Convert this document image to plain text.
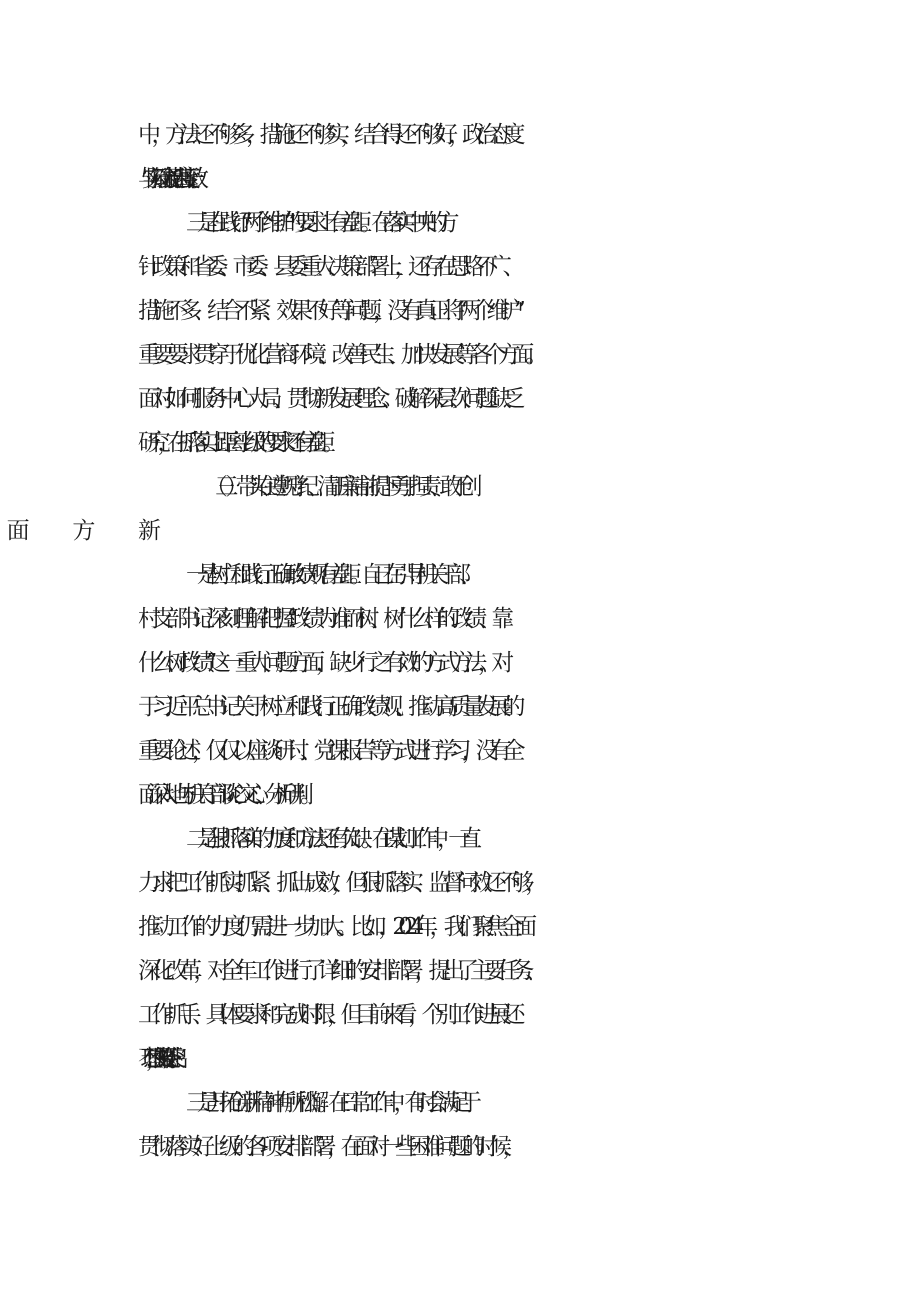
中，方法还不够多，措施还不够实，结合得还不够好，政治态度

与实际行动未能达到高度一致。

三是在践行“两个维护”的要求上有差距。在落实中央的方

针政策和省委、市委、县委重大决策部署上，还存在思路不广、

措施不多、结合不紧、效果不好等问题，没有真正将“两个维护”

重要要求贯穿于优化营商环境、改善民生、加快发展等各个方面。

面对如何服务中心大局、贯彻新发展理念、破解深层次问题缺乏

研究，在抓落实上距离上级的要求还有差距。

（三）带头在遵规守纪、清正廉洁前提下勇于担责、敢于创

一是树立和践行正确政绩观有差距。自己在引导机关干部、

村支部书记深刻理解把握“政绩为谁而树、树什么样的政绩、靠

什么树政绩”这一重大问题方面，缺少行之有效的方式方法，对

于习近平总书记关于树立和践行正确政绩观、推动高质量发展的

重要论述，仅仅以座谈研讨、党课报告等方式进行学习，没有全

面深入地与机关干部谈心交心、分析研判。

二是狠抓落实的力度和方法还有欠缺。在谋划工作中，一直

力求把工作抓实抓紧、抓出成效，但狠抓落实、监督问效还不够，

推动工作的力度仍需进一步加大。比如，2024年，我们聚焦全面

深化改革，对全年工作进行了详细的安排部署，提出了主要任务、

工作抓手、具体要求和完成时限，但目前来看，个别工作进展还

不理想，工作效果还不突出。

三是开拓创新精神有所松懈。在日常工作中，有时会满足于

贯彻落实好上级的各项安排部署，在面对一些困难问题的时候，
